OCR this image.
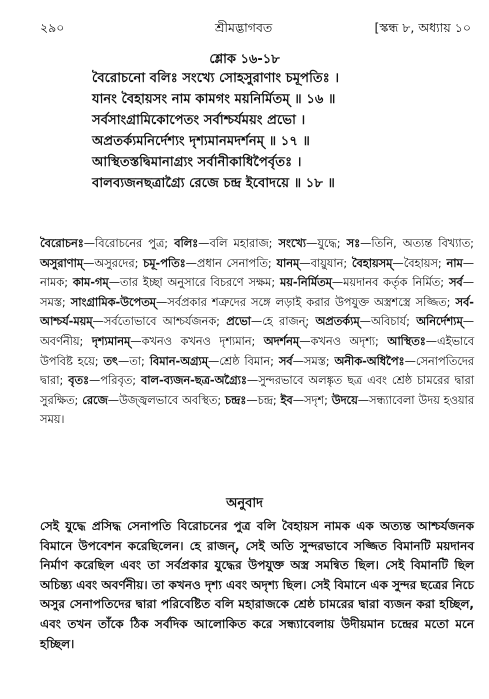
২৯০	শ্রীমদ্ভাগবত	[স্কন্ধ ৮, অধ্যায় ১০
শ্লোক ১৬-১৮
বৈরোচনো বলিঃ সংখ্যে সোহসুরাণাং চমূপতিঃ ।
যানং বৈহায়সং নাম কামগং ময়নির্মিতম্ ॥ ১৬ ॥
সর্বসাংগ্রামিকোপেতং সর্বাশ্চর্যময়ং প্রভো ।
অপ্রতর্ক্যমনির্দেশ্যং দৃশ্যমানমদর্শনম্ ॥ ১৭ ॥
আস্থিতস্তদ্বিমানাগ্র্যং সর্বানীকাধিপৈর্বৃতঃ ।
বালব্যজনছত্রাগ্র্যৈ রেজে চন্দ্র ইবোদয়ে ॥ ১৮ ॥
বৈরোচনঃ—বিরোচনের পুত্র; বলিঃ—বলি মহারাজ; সংখ্যে—যুদ্ধে; সঃ—তিনি, অত্যন্ত বিখ্যাত; অসুরাণাম্—অসুরদের; চমূ-পতিঃ—প্রধান সেনাপতি; যানম্—বায়ুযান; বৈহায়সম্—বৈহায়স; নাম—নামক; কাম-গম্—তার ইচ্ছা অনুসারে বিচরণে সক্ষম; ময়-নির্মিতম্—ময়দানব কর্তৃক নির্মিত; সর্ব—সমস্ত; সাংগ্রামিক-উপেতম্—সর্বপ্রকার শত্রুদের সঙ্গে লড়াই করার উপযুক্ত অস্ত্রশস্ত্রে সজ্জিত; সর্ব-আশ্চর্য-ময়ম্—সর্বতোভাবে আশ্চর্যজনক; প্রভো—হে রাজন্; অপ্রতর্ক্যম্—অবিচার্য; অনির্দেশ্যম্—অবর্ণনীয়; দৃশ্যমানম্—কখনও কখনও দৃশ্যমান; অদর্শনম্—কখনও অদৃশ্য; আস্থিতঃ—এইভাবে উপবিষ্ট হয়ে; তৎ—তা; বিমান-অগ্র্যম্—শ্রেষ্ঠ বিমান; সর্ব—সমস্ত; অনীক-অধিপৈঃ—সেনাপতিদের দ্বারা; বৃতঃ—পরিবৃত; বাল-ব্যজন-ছত্র-অগ্র্যৈঃ—সুন্দরভাবে অলঙ্কৃত ছত্র এবং শ্রেষ্ঠ চামরের দ্বারা সুরক্ষিত; রেজে—উজ্জ্বলভাবে অবস্থিত; চন্দ্রঃ—চন্দ্র; ইব—সদৃশ; উদয়ে—সন্ধ্যাবেলা উদয় হওয়ার সময়।
অনুবাদ
সেই যুদ্ধে প্রসিদ্ধ সেনাপতি বিরোচনের পুত্র বলি বৈহায়স নামক এক অত্যন্ত আশ্চর্যজনক বিমানে উপবেশন করেছিলেন। হে রাজন্, সেই অতি সুন্দরভাবে সজ্জিত বিমানটি ময়দানব নির্মাণ করেছিল এবং তা সর্বপ্রকার যুদ্ধের উপযুক্ত অস্ত্র সমন্বিত ছিল। সেই বিমানটি ছিল অচিন্ত্য এবং অবর্ণনীয়। তা কখনও দৃশ্য এবং অদৃশ্য ছিল। সেই বিমানে এক সুন্দর ছত্রের নিচে অসুর সেনাপতিদের দ্বারা পরিবেষ্টিত বলি মহারাজকে শ্রেষ্ঠ চামরের দ্বারা ব্যজন করা হচ্ছিল, এবং তখন তাঁকে ঠিক সর্বদিক আলোকিত করে সন্ধ্যাবেলায় উদীয়মান চন্দ্রের মতো মনে হচ্ছিল।
